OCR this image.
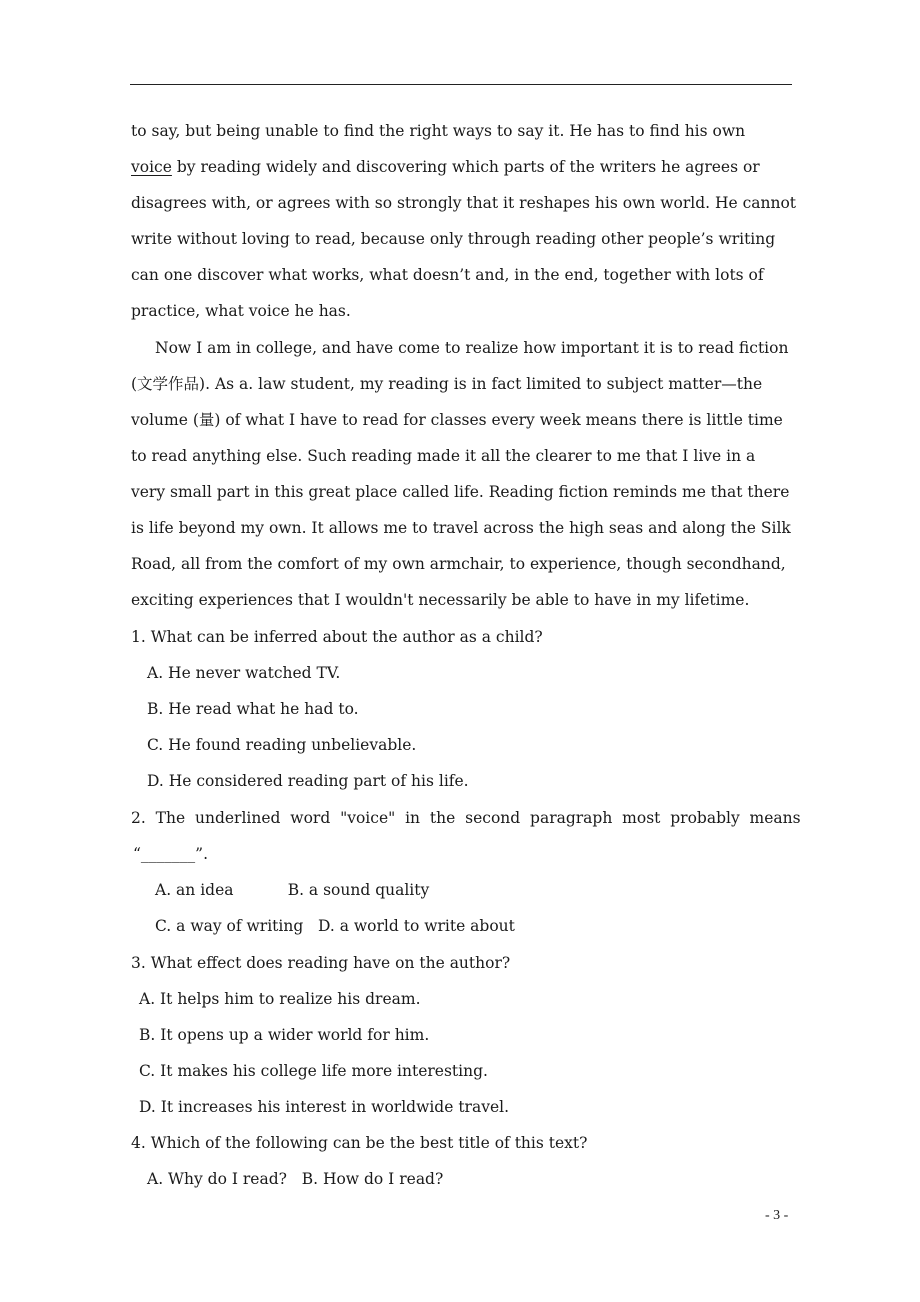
to say, but being unable to find the right ways to say it. He has to find his own
voice by reading widely and discovering which parts of the writers he agrees or
disagrees with, or agrees with so strongly that it reshapes his own world. He cannot
write without loving to read, because only through reading other people’s writing
can one discover what works, what doesn’t and, in the end, together with lots of
practice, what voice he has.
Now I am in college, and have come to realize how important it is to read fiction
(文学作品). As a. law student, my reading is in fact limited to subject matter—the
volume (量) of what I have to read for classes every week means there is little time
to read anything else. Such reading made it all the clearer to me that I live in a
very small part in this great place called life. Reading fiction reminds me that there
is life beyond my own. It allows me to travel across the high seas and along the Silk
Road, all from the comfort of my own armchair, to experience, though secondhand,
exciting experiences that I wouldn't necessarily be able to have in my lifetime.
1. What can be inferred about the author as a child?
A. He never watched TV.
B. He read what he had to.
C. He found reading unbelievable.
D. He considered reading part of his life.
2.  The  underlined  word  "voice"  in  the  second  paragraph  most  probably  means
“_______”.
A. an idea           B. a sound quality
C. a way of writing   D. a world to write about
3. What effect does reading have on the author?
A. It helps him to realize his dream.
B. It opens up a wider world for him.
C. It makes his college life more interesting.
D. It increases his interest in worldwide travel.
4. Which of the following can be the best title of this text?
A. Why do I read?   B. How do I read?
- 3 -
